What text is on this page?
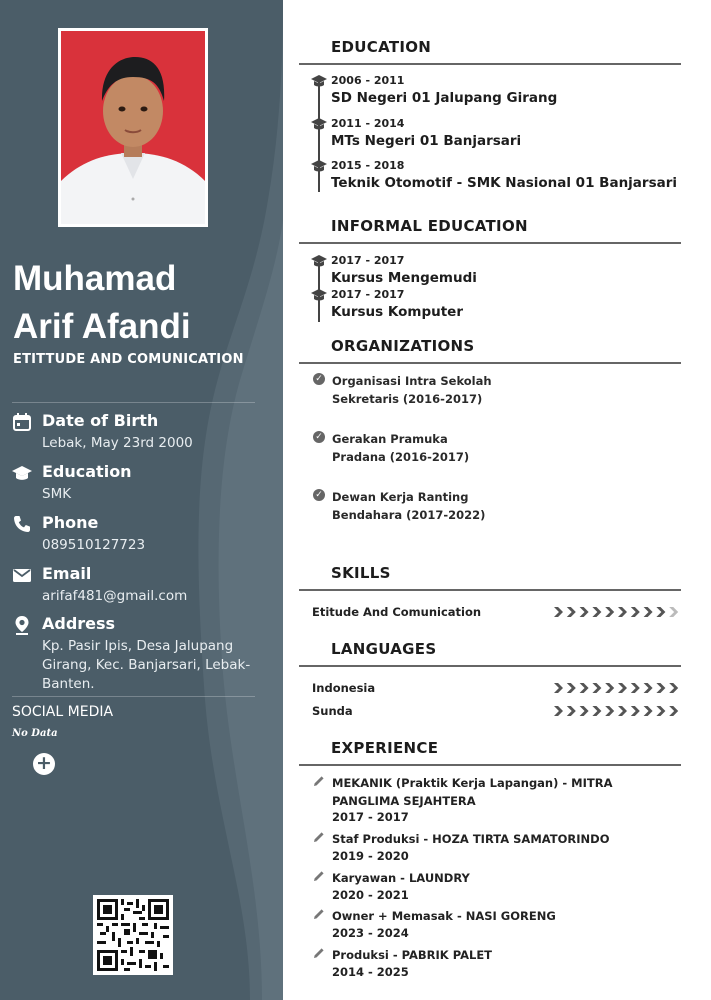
Muhamad
Arif Afandi
ETITTUDE AND COMUNICATION
Date of Birth
Lebak, May 23rd 2000
Education
SMK
Phone
089510127723
Email
arifaf481@gmail.com
Address
Kp. Pasir Ipis, Desa Jalupang Girang, Kec. Banjarsari, Lebak-Banten.
SOCIAL MEDIA
No Data
+
EDUCATION
2006 - 2011
SD Negeri 01 Jalupang Girang
2011 - 2014
MTs Negeri 01 Banjarsari
2015 - 2018
Teknik Otomotif - SMK Nasional 01 Banjarsari
INFORMAL EDUCATION
2017 - 2017
Kursus Mengemudi
2017 - 2017
Kursus Komputer
ORGANIZATIONS
✓ Organisasi Intra Sekolah
Sekretaris (2016-2017)
✓ Gerakan Pramuka
Pradana (2016-2017)
✓ Dewan Kerja Ranting
Bendahara (2017-2022)
SKILLS
Etitude And Comunication
LANGUAGES
Indonesia
Sunda
EXPERIENCE
MEKANIK (Praktik Kerja Lapangan) - MITRA PANGLIMA SEJAHTERA
2017 - 2017
Staf Produksi - HOZA TIRTA SAMATORINDO
2019 - 2020
Karyawan - LAUNDRY
2020 - 2021
Owner + Memasak - NASI GORENG
2023 - 2024
Produksi - PABRIK PALET
2014 - 2025
